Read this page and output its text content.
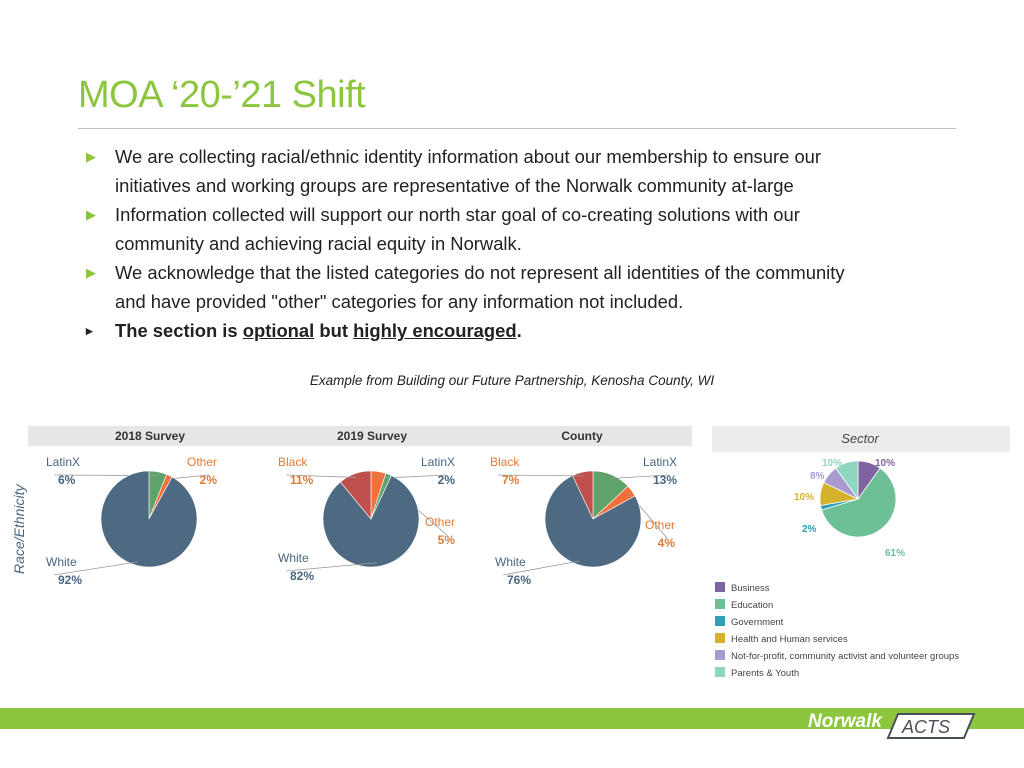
MOA ‘20-’21 Shift
▶ We are collecting racial/ethnic identity information about our membership to ensure our
initiatives and working groups are representative of the Norwalk community at-large
▶ Information collected will support our north star goal of co-creating solutions with our
community and achieving racial equity in Norwalk.
▶ We acknowledge that the listed categories do not represent all identities of the community
and have provided "other" categories for any information not included.
▸ The section is optional but highly encouraged.
Example from Building our Future Partnership, Kenosha County, WI
Race/Ethnicity
2018 Survey
LatinX
6%
Other
2%
White
92%
2019 Survey
Other
5%
LatinX
2%
White
82%
Black
11%
County
LatinX
13%
Other
4%
White
76%
Black
7%
Sector
10%
61%
2%
10%
8%
10%
Business
Education
Government
Health and Human services
Not-for-profit, community activist and volunteer groups
Parents & Youth
Norwalk ACTS
